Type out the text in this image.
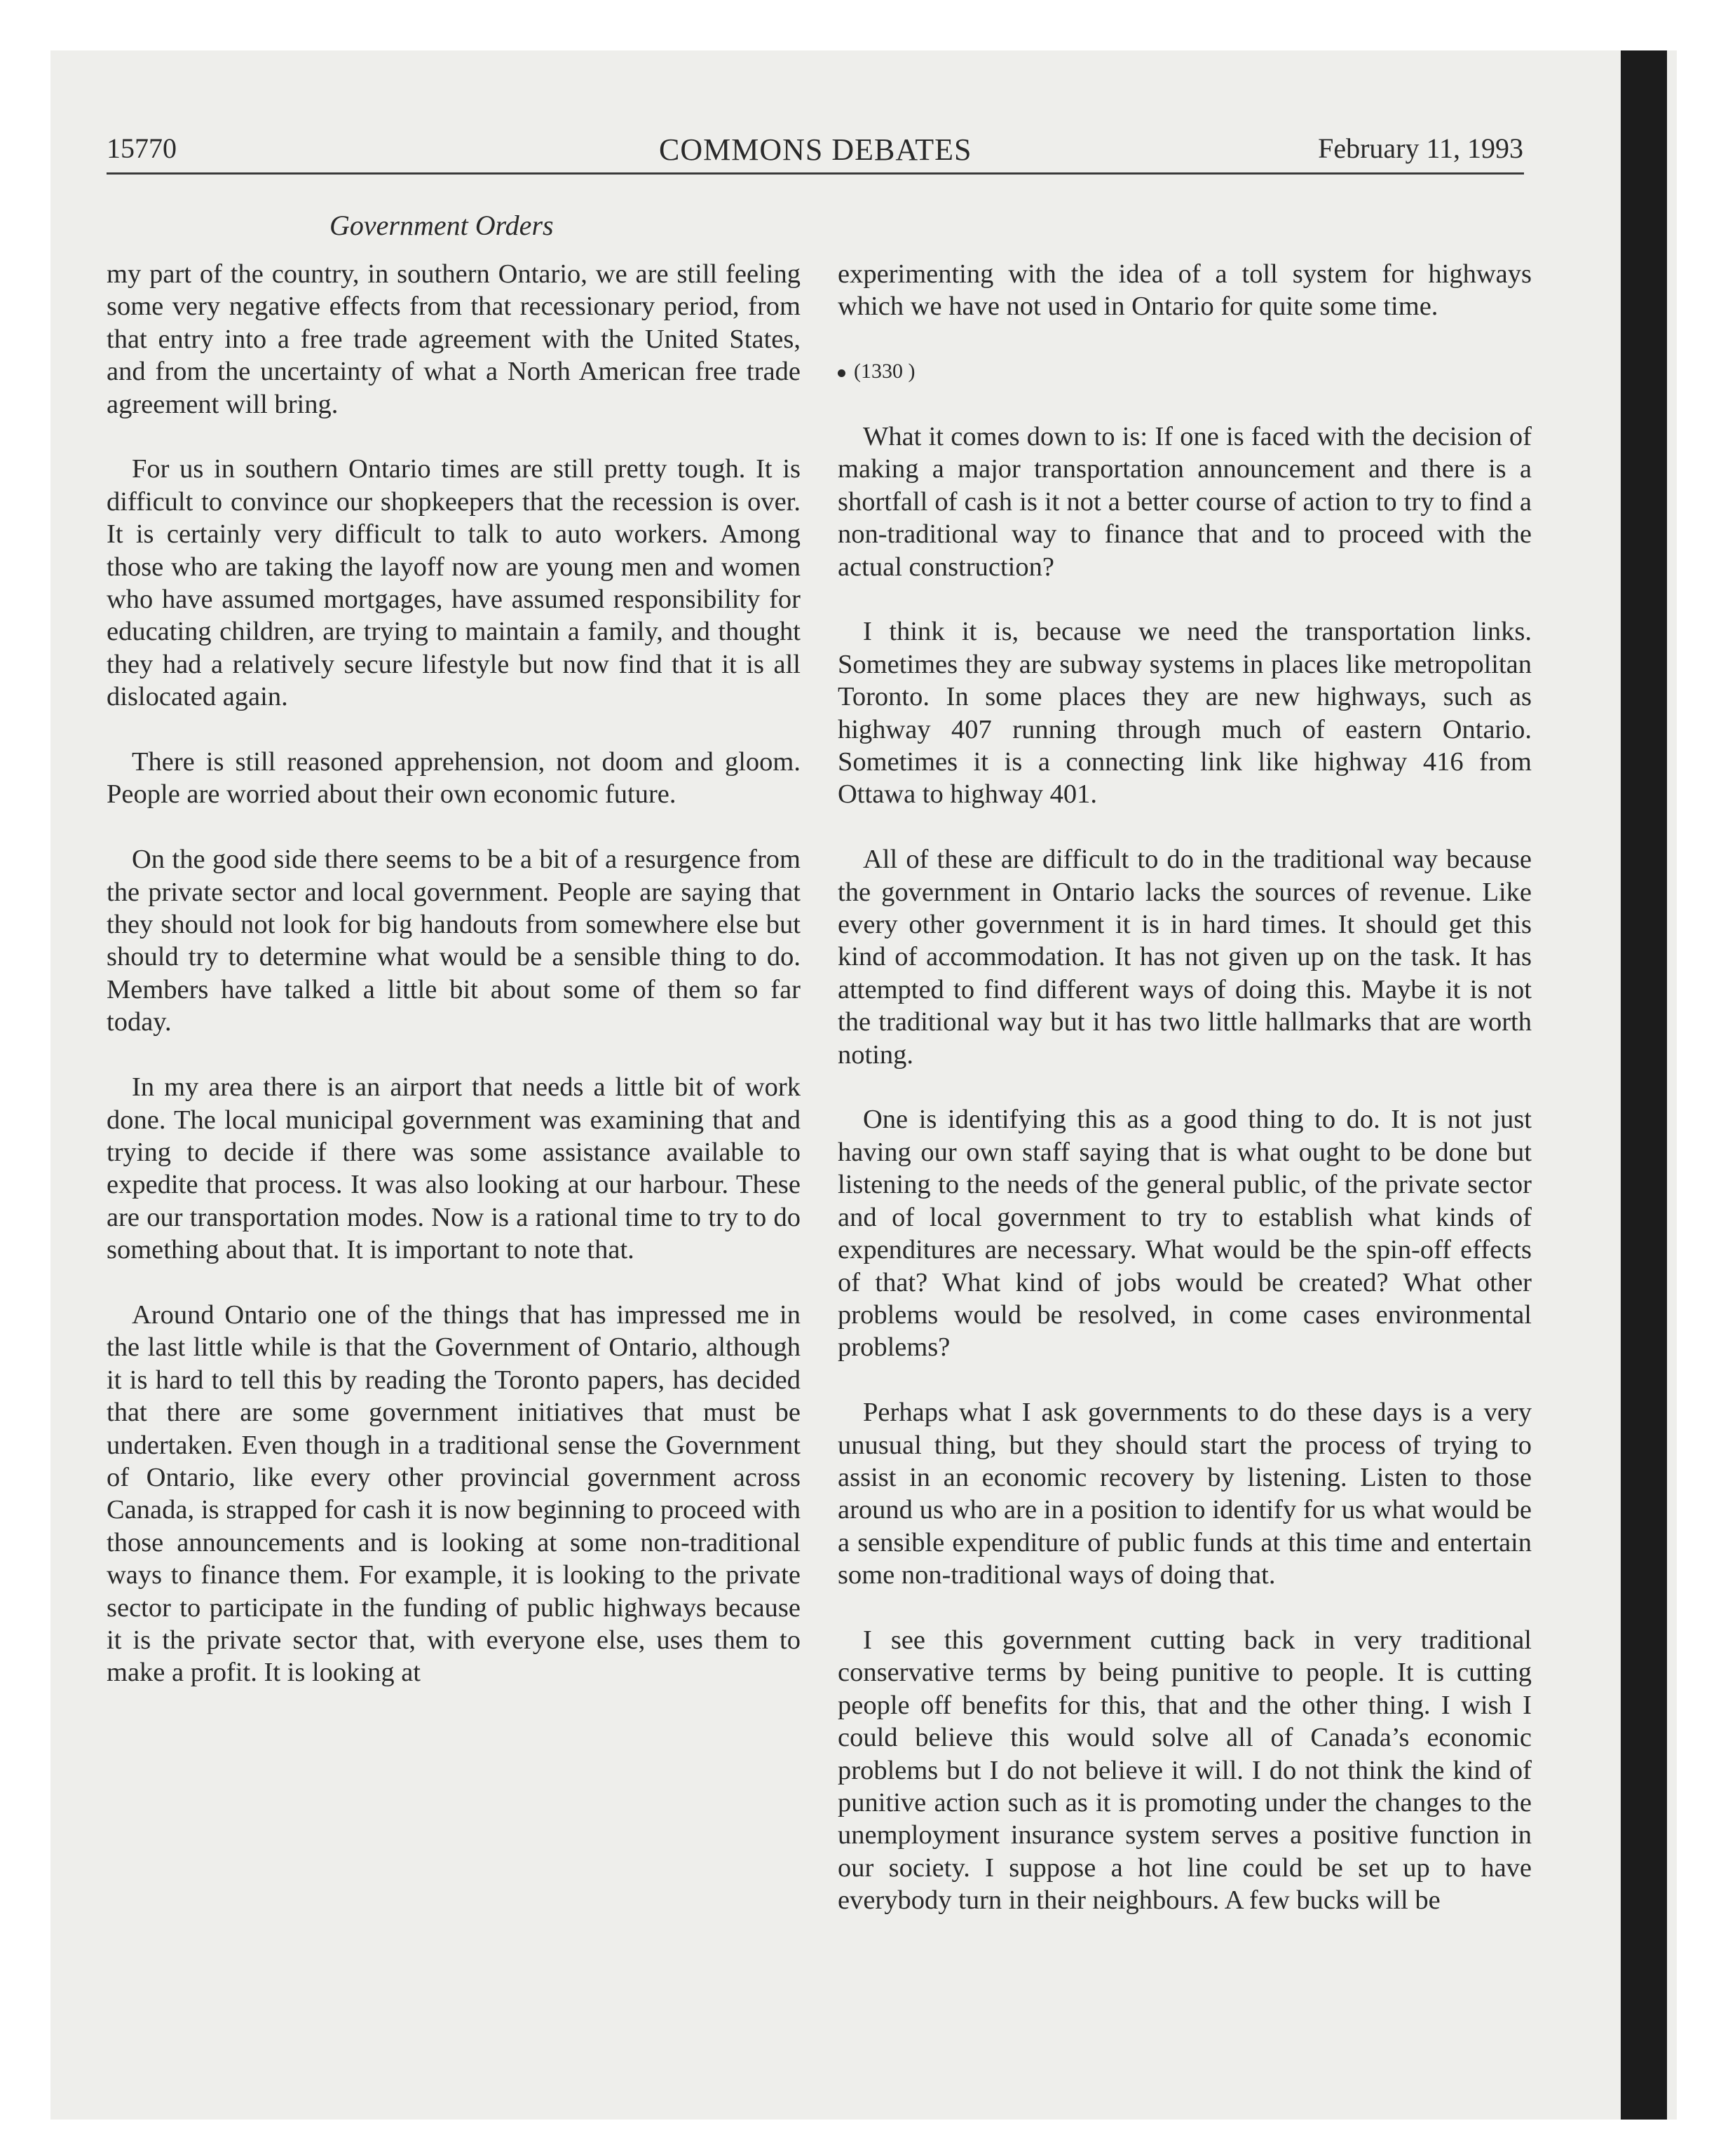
15770	COMMONS DEBATES	February 11, 1993
Government Orders

my part of the country, in southern Ontario, we are still feeling some very negative effects from that recessionary period, from that entry into a free trade agreement with the United States, and from the uncertainty of what a North American free trade agreement will bring.

For us in southern Ontario times are still pretty tough. It is difficult to convince our shopkeepers that the recession is over. It is certainly very difficult to talk to auto workers. Among those who are taking the layoff now are young men and women who have assumed mortgages, have assumed responsibility for educating children, are trying to maintain a family, and thought they had a relatively secure lifestyle but now find that it is all dislocated again.

There is still reasoned apprehension, not doom and gloom. People are worried about their own economic future.

On the good side there seems to be a bit of a resurgence from the private sector and local government. People are saying that they should not look for big handouts from somewhere else but should try to determine what would be a sensible thing to do. Members have talked a little bit about some of them so far today.

In my area there is an airport that needs a little bit of work done. The local municipal government was examining that and trying to decide if there was some assistance available to expedite that process. It was also looking at our harbour. These are our transportation modes. Now is a rational time to try to do something about that. It is important to note that.

Around Ontario one of the things that has impressed me in the last little while is that the Government of Ontario, although it is hard to tell this by reading the Toronto papers, has decided that there are some government initiatives that must be undertaken. Even though in a traditional sense the Government of Ontario, like every other provincial government across Canada, is strapped for cash it is now beginning to proceed with those announcements and is looking at some non-traditional ways to finance them. For example, it is looking to the private sector to participate in the funding of public highways because it is the private sector that, with everyone else, uses them to make a profit. It is looking at

experimenting with the idea of a toll system for highways which we have not used in Ontario for quite some time.

(1330 )

What it comes down to is: If one is faced with the decision of making a major transportation announcement and there is a shortfall of cash is it not a better course of action to try to find a non-traditional way to finance that and to proceed with the actual construction?

I think it is, because we need the transportation links. Sometimes they are subway systems in places like metropolitan Toronto. In some places they are new highways, such as highway 407 running through much of eastern Ontario. Sometimes it is a connecting link like highway 416 from Ottawa to highway 401.

All of these are difficult to do in the traditional way because the government in Ontario lacks the sources of revenue. Like every other government it is in hard times. It should get this kind of accommodation. It has not given up on the task. It has attempted to find different ways of doing this. Maybe it is not the traditional way but it has two little hallmarks that are worth noting.

One is identifying this as a good thing to do. It is not just having our own staff saying that is what ought to be done but listening to the needs of the general public, of the private sector and of local government to try to establish what kinds of expenditures are necessary. What would be the spin-off effects of that? What kind of jobs would be created? What other problems would be resolved, in come cases environmental problems?

Perhaps what I ask governments to do these days is a very unusual thing, but they should start the process of trying to assist in an economic recovery by listening. Listen to those around us who are in a position to identify for us what would be a sensible expenditure of public funds at this time and entertain some non-traditional ways of doing that.

I see this government cutting back in very traditional conservative terms by being punitive to people. It is cutting people off benefits for this, that and the other thing. I wish I could believe this would solve all of Canada’s economic problems but I do not believe it will. I do not think the kind of punitive action such as it is promoting under the changes to the unemployment insurance system serves a positive function in our society. I suppose a hot line could be set up to have everybody turn in their neighbours. A few bucks will be
